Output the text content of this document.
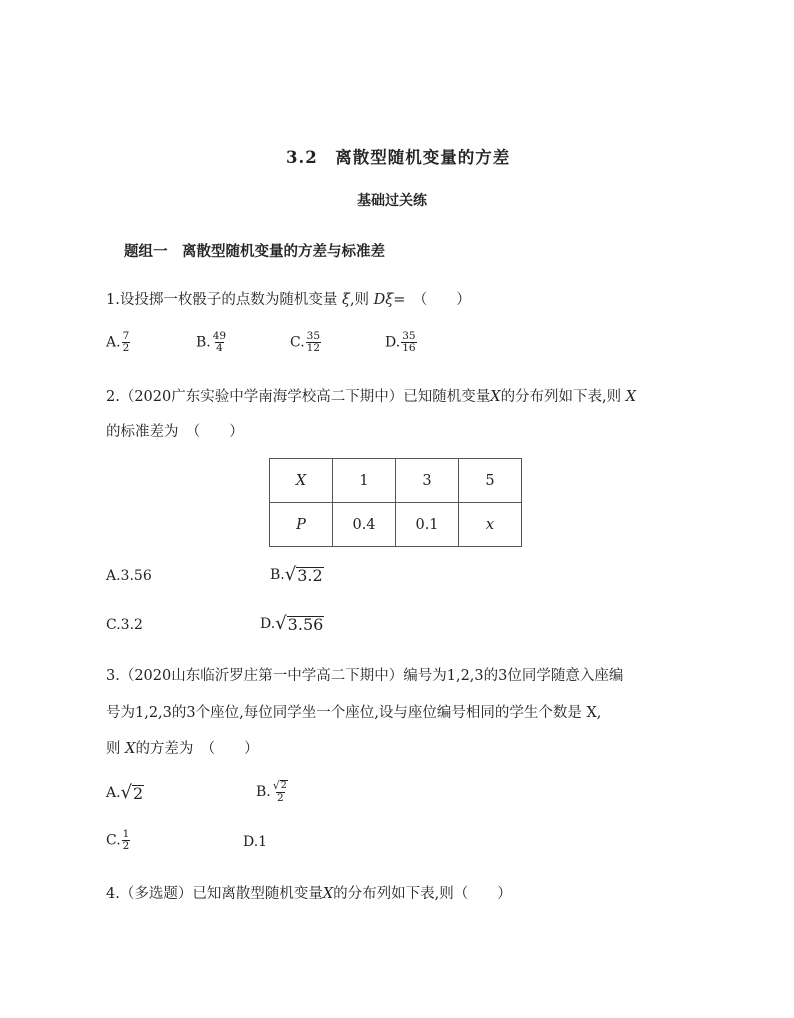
3.2　离散型随机变量的方差
基础过关练
题组一　离散型随机变量的方差与标准差
1.设投掷一枚骰子的点数为随机变量 ξ,则 Dξ=　（　　）
A. $\frac{7}{2}$	B. $\frac{49}{4}$	C. $\frac{35}{12}$	D. $\frac{35}{16}$
2.（2020广东实验中学南海学校高二下期中）已知随机变量X的分布列如下表,则 X
的标准差为　（　　）
X	1	3	5
P	0.4	0.1	x
A.3.56	B. √ 3.2
C.3.2	D. √ 3.56
3.（2020山东临沂罗庄第一中学高二下期中）编号为1,2,3的3位同学随意入座编
号为1,2,3的3个座位,每位同学坐一个座位,设与座位编号相同的学生个数是 X,
则 X的方差为　（　　）
A. √ 2	B. $\frac{√ 2}{2}$
C. $\frac{1}{2}$	D.1
4.（多选题）已知离散型随机变量X的分布列如下表,则（　　）
